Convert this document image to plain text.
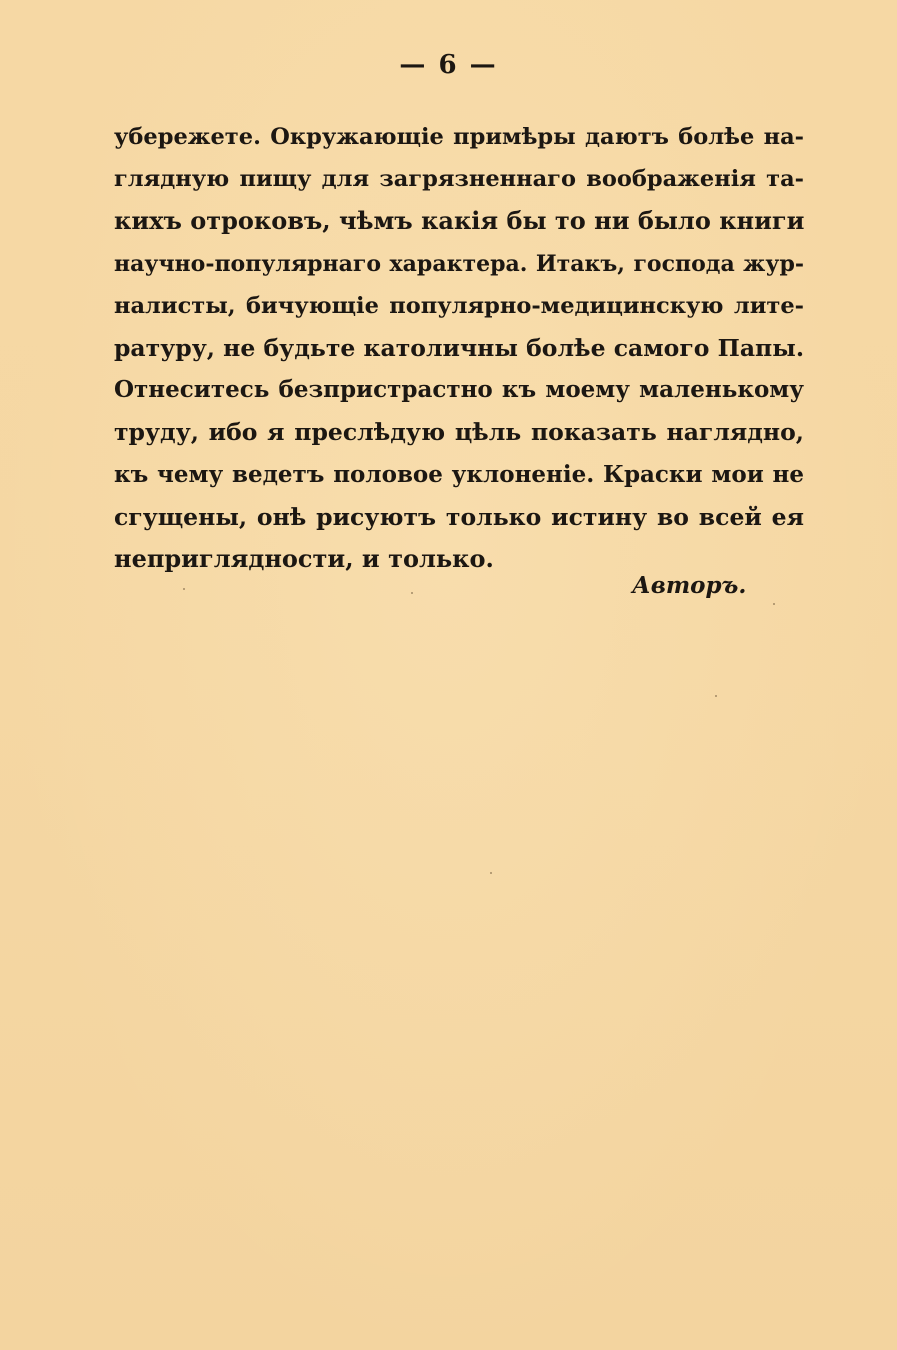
— 6 —
убережете. Окружающіе примѣры даютъ болѣе на-
глядную пищу для загрязненнаго воображенія та-
кихъ отроковъ, чѣмъ какія бы то ни было книги
научно-популярнаго характера. Итакъ, господа жур-
налисты, бичующіе популярно-медицинскую лите-
ратуру, не будьте католичны болѣе самого Папы.
Отнеситесь безпристрастно къ моему маленькому
труду, ибо я преслѣдую цѣль показать наглядно,
къ чему ведетъ половое уклоненіе. Краски мои не
сгущены, онѣ рисуютъ только истину во всей ея
неприглядности, и только.
Авторъ.
